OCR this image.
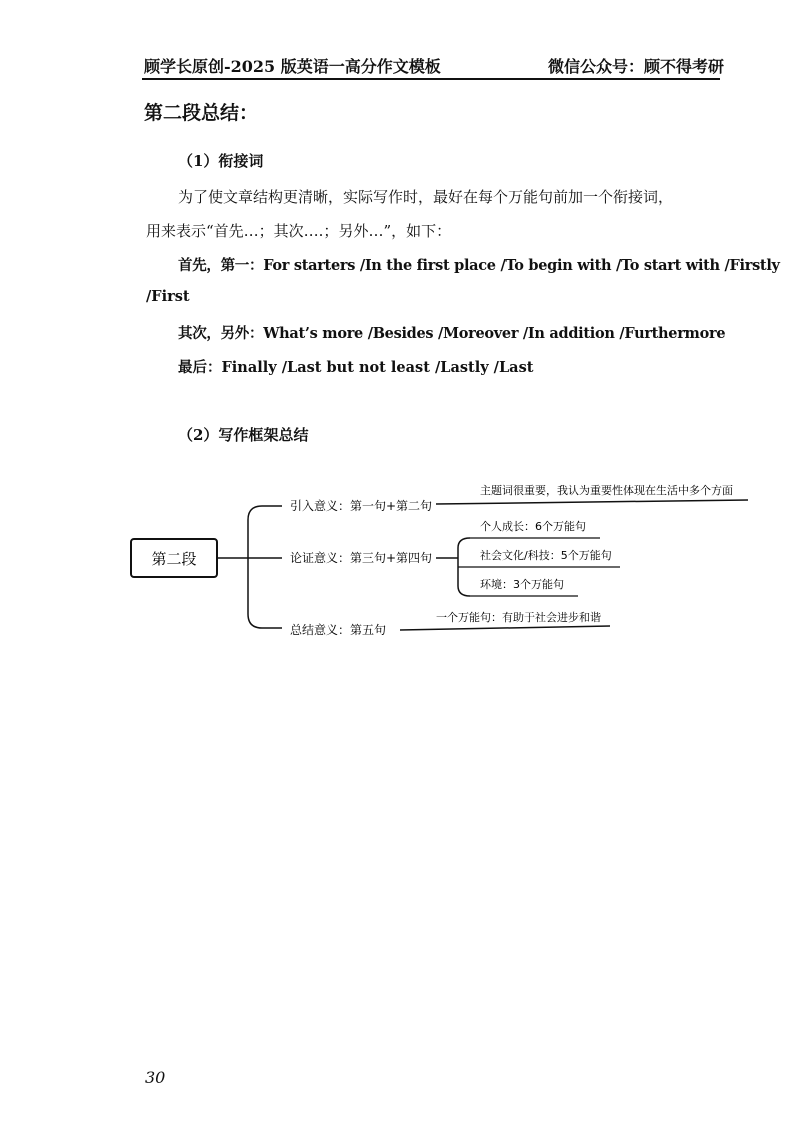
顾学长原创-2025 版英语一高分作文模板	微信公众号：顾不得考研
第二段总结：
（1）衔接词
为了使文章结构更清晰，实际写作时，最好在每个万能句前加一个衔接词，
用来表示“首先…；其次….；另外…”，如下：
首先，第一：For starters /In the first place /To begin with /To start with /Firstly
/First
其次，另外：What’s more /Besides /Moreover /In addition /Furthermore
最后：Finally /Last but not least /Lastly /Last
（2）写作框架总结
第二段
引入意义：第一句+第二句
主题词很重要，我认为重要性体现在生活中多个方面
论证意义：第三句+第四句
个人成长：6个万能句
社会文化/科技：5个万能句
环境：3个万能句
总结意义：第五句
一个万能句：有助于社会进步和谐
30
